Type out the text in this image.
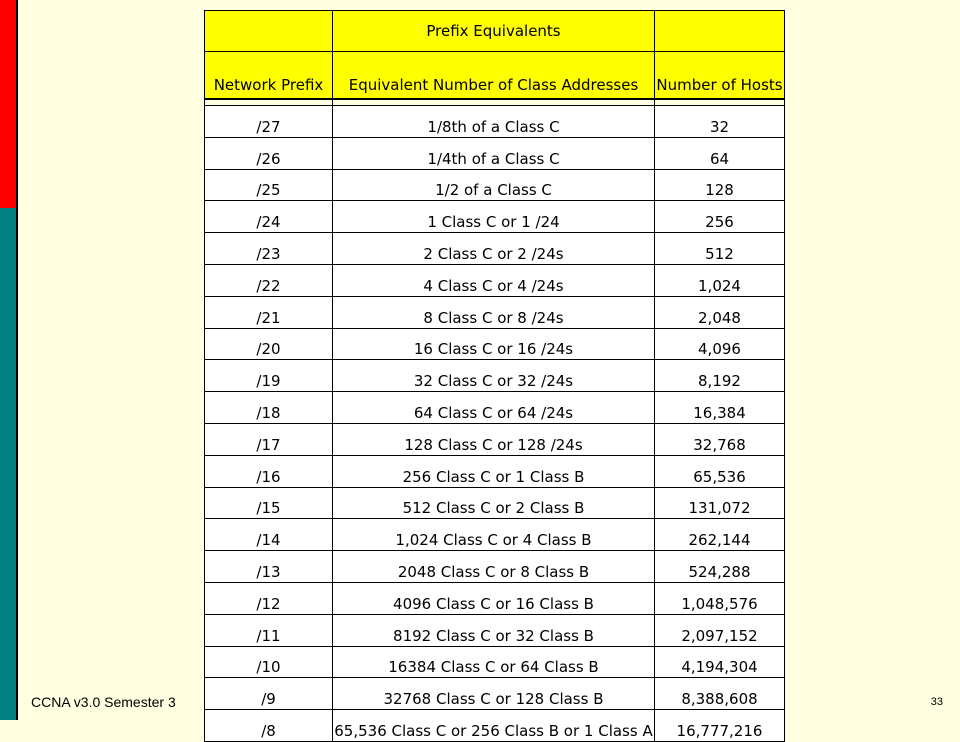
	Prefix Equivalents	

Network Prefix	Equivalent Number of Class Addresses	Number of Hosts

/27	1/8th of a Class C	32
/26	1/4th of a Class C	64
/25	1/2 of a Class C	128
/24	1 Class C or 1 /24	256
/23	2 Class C or 2 /24s	512
/22	4 Class C or 4 /24s	1,024
/21	8 Class C or 8 /24s	2,048
/20	16 Class C or 16 /24s	4,096
/19	32 Class C or 32 /24s	8,192
/18	64 Class C or 64 /24s	16,384
/17	128 Class C or 128 /24s	32,768
/16	256 Class C or 1 Class B	65,536
/15	512 Class C or 2 Class B	131,072
/14	1,024 Class C or 4 Class B	262,144
/13	2048 Class C or 8 Class B	524,288
/12	4096 Class C or 16 Class B	1,048,576
/11	8192 Class C or 32 Class B	2,097,152
/10	16384 Class C or 64 Class B	4,194,304
/9	32768 Class C or 128 Class B	8,388,608
/8	65,536 Class C or 256 Class B or 1 Class A	16,777,216
CCNA v3.0 Semester 3	33
